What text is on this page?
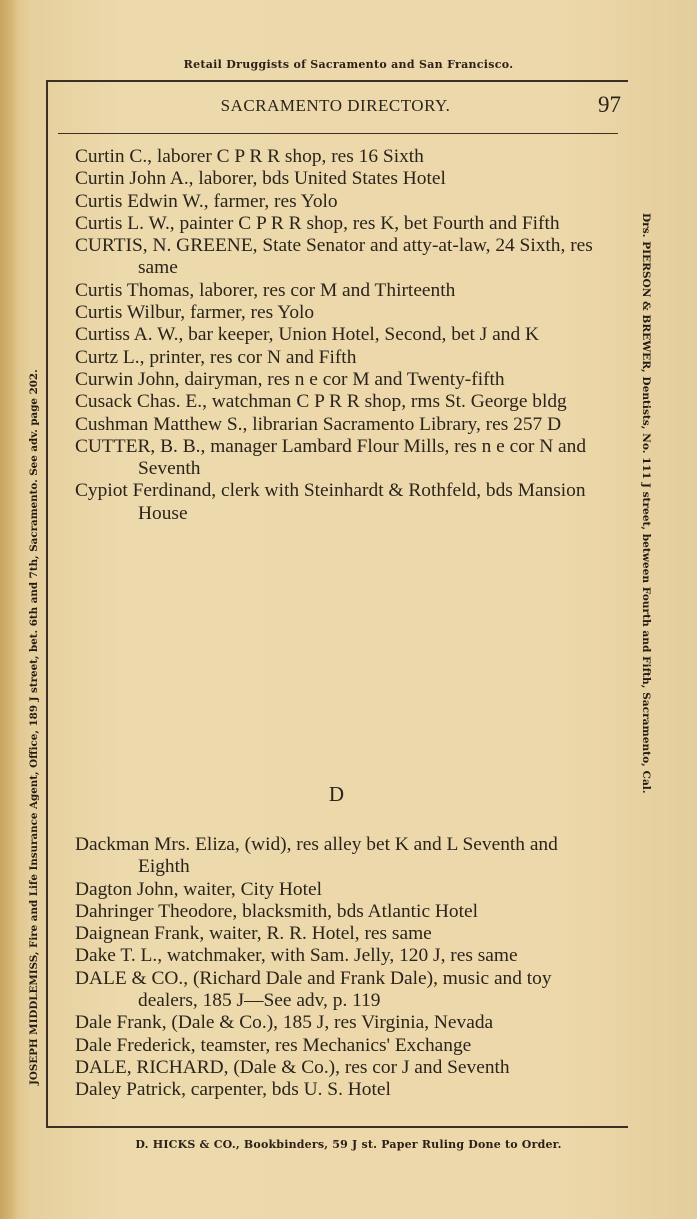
Retail Druggists of Sacramento and San Francisco.
SACRAMENTO DIRECTORY.	97
Curtin C., laborer C P R R shop, res 16 Sixth
Curtin John A., laborer, bds United States Hotel
Curtis Edwin W., farmer, res Yolo
Curtis L. W., painter C P R R shop, res K, bet Fourth and Fifth
CURTIS, N. GREENE, State Senator and atty-at-law, 24 Sixth, res same
Curtis Thomas, laborer, res cor M and Thirteenth
Curtis Wilbur, farmer, res Yolo
Curtiss A. W., bar keeper, Union Hotel, Second, bet J and K
Curtz L., printer, res cor N and Fifth
Curwin John, dairyman, res n e cor M and Twenty-fifth
Cusack Chas. E., watchman C P R R shop, rms St. George bldg
Cushman Matthew S., librarian Sacramento Library, res 257 D
CUTTER, B. B., manager Lambard Flour Mills, res n e cor N and Seventh
Cypiot Ferdinand, clerk with Steinhardt & Rothfeld, bds Mansion House
D
Dackman Mrs. Eliza, (wid), res alley bet K and L Seventh and Eighth
Dagton John, waiter, City Hotel
Dahringer Theodore, blacksmith, bds Atlantic Hotel
Daignean Frank, waiter, R. R. Hotel, res same
Dake T. L., watchmaker, with Sam. Jelly, 120 J, res same
DALE & CO., (Richard Dale and Frank Dale), music and toy dealers, 185 J—See adv, p. 119
Dale Frank, (Dale & Co.), 185 J, res Virginia, Nevada
Dale Frederick, teamster, res Mechanics' Exchange
DALE, RICHARD, (Dale & Co.), res cor J and Seventh
Daley Patrick, carpenter, bds U. S. Hotel
JOSEPH MIDDLEMISS, Fire and Life Insurance Agent, Office, 189 J street, bet. 6th and 7th, Sacramento. See adv. page 202.	Drs. PIERSON & BREWER, Dentists, No. 111 J street, between Fourth and Fifth, Sacramento, Cal.
D. HICKS & CO., Bookbinders, 59 J st. Paper Ruling Done to Order.
